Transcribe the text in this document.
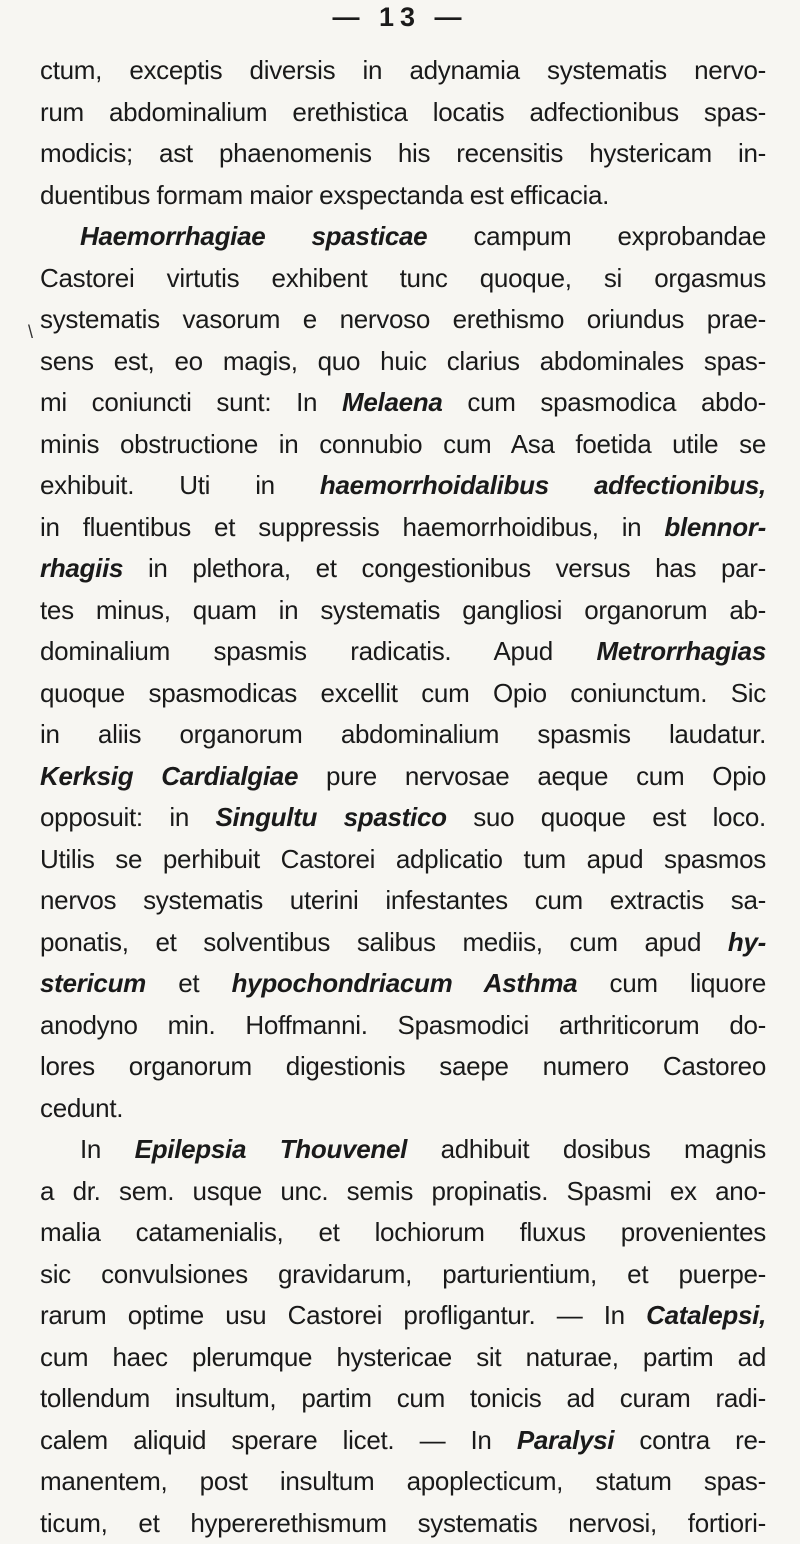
— 13 —
ctum, exceptis diversis in adynamia systematis nervo-
rum abdominalium erethistica locatis adfectionibus spas-
modicis; ast phaenomenis his recensitis hystericam in-
duentibus formam maior exspectanda est efficacia.
Haemorrhagiae spasticae campum exprobandae
Castorei virtutis exhibent tunc quoque, si orgasmus
systematis vasorum e nervoso erethismo oriundus prae-
sens est, eo magis, quo huic clarius abdominales spas-
mi coniuncti sunt: In Melaena cum spasmodica abdo-
minis obstructione in connubio cum Asa foetida utile se
exhibuit. Uti in haemorrhoidalibus adfectionibus,
in fluentibus et suppressis haemorrhoidibus, in blennor-
rhagiis in plethora, et congestionibus versus has par-
tes minus, quam in systematis gangliosi organorum ab-
dominalium spasmis radicatis. Apud Metrorrhagias
quoque spasmodicas excellit cum Opio coniunctum. Sic
in aliis organorum abdominalium spasmis laudatur.
Kerksig Cardialgiae pure nervosae aeque cum Opio
opposuit: in Singultu spastico suo quoque est loco.
Utilis se perhibuit Castorei adplicatio tum apud spasmos
nervos systematis uterini infestantes cum extractis sa-
ponatis, et solventibus salibus mediis, cum apud hy-
stericum et hypochondriacum Asthma cum liquore
anodyno min. Hoffmanni. Spasmodici arthriticorum do-
lores organorum digestionis saepe numero Castoreo
cedunt.
In Epilepsia Thouvenel adhibuit dosibus magnis
a dr. sem. usque unc. semis propinatis. Spasmi ex ano-
malia catamenialis, et lochiorum fluxus provenientes
sic convulsiones gravidarum, parturientium, et puerpe-
rarum optime usu Castorei profligantur. — In Catalepsi,
cum haec plerumque hystericae sit naturae, partim ad
tollendum insultum, partim cum tonicis ad curam radi-
calem aliquid sperare licet. — In Paralysi contra re-
manentem, post insultum apoplecticum, statum spas-
ticum, et hypererethismum systematis nervosi, fortiori-
\
